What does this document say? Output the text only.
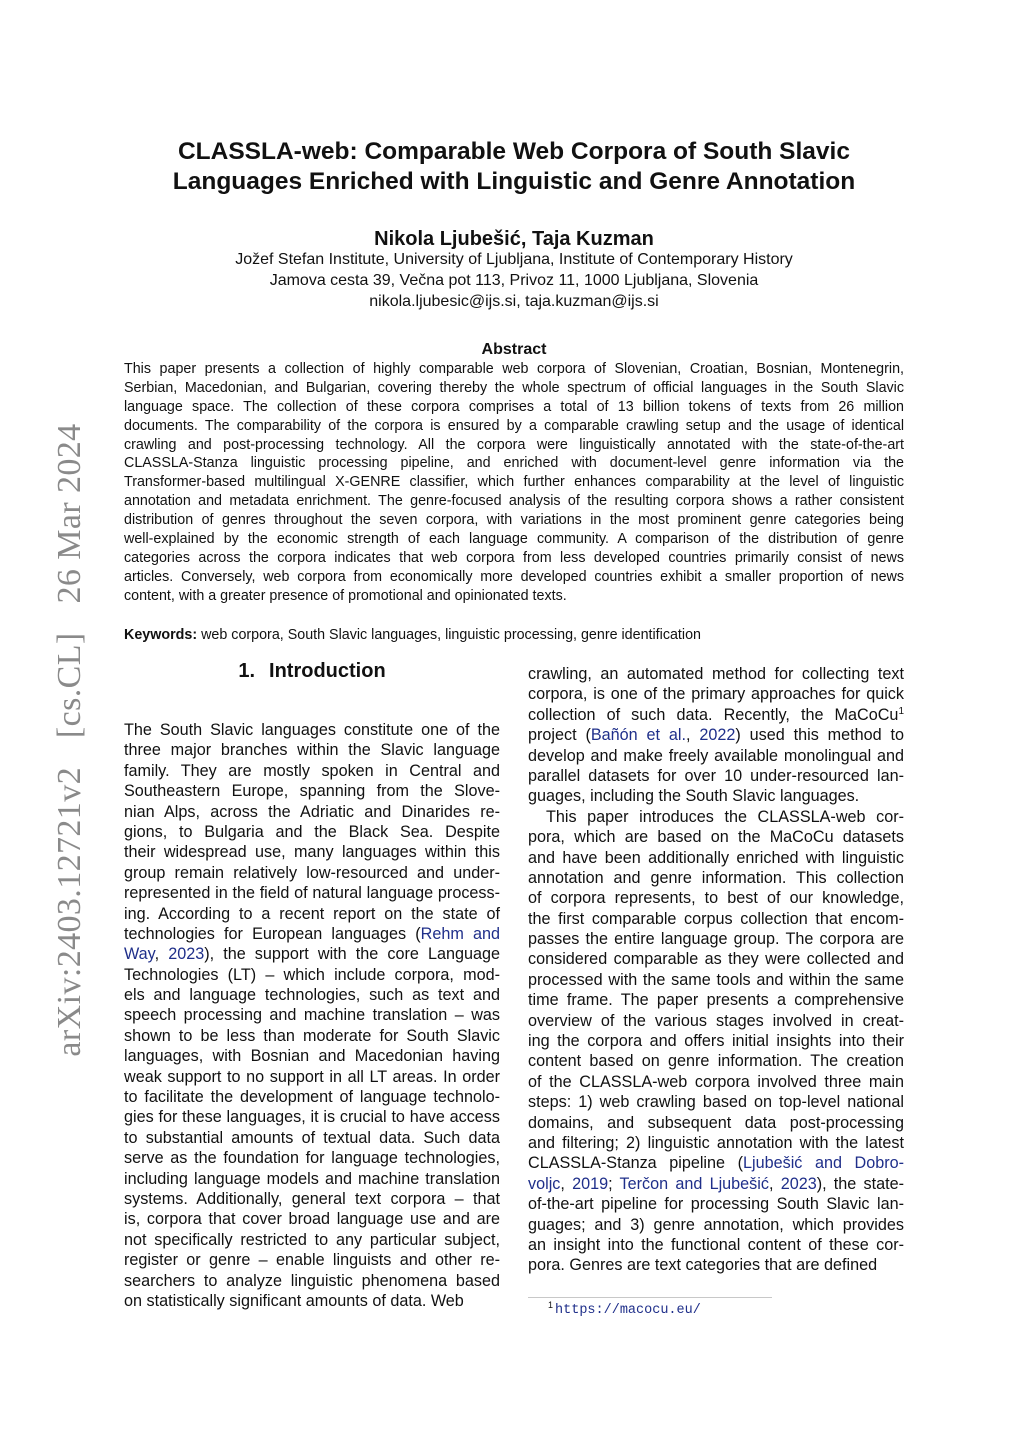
arXiv:2403.12721v2 [cs.CL] 26 Mar 2024
CLASSLA-web: Comparable Web Corpora of South Slavic
Languages Enriched with Linguistic and Genre Annotation

Nikola Ljubešić, Taja Kuzman

Jožef Stefan Institute, University of Ljubljana, Institute of Contemporary History

Jamova cesta 39, Večna pot 113, Privoz 11, 1000 Ljubljana, Slovenia

nikola.ljubesic@ijs.si, taja.kuzman@ijs.si

Abstract

This paper presents a collection of highly comparable web corpora of Slovenian, Croatian, Bosnian, Montenegrin,
Serbian, Macedonian, and Bulgarian, covering thereby the whole spectrum of official languages in the South Slavic
language space. The collection of these corpora comprises a total of 13 billion tokens of texts from 26 million
documents. The comparability of the corpora is ensured by a comparable crawling setup and the usage of identical
crawling and post-processing technology. All the corpora were linguistically annotated with the state-of-the-art
CLASSLA-Stanza linguistic processing pipeline, and enriched with document-level genre information via the
Transformer-based multilingual X-GENRE classifier, which further enhances comparability at the level of linguistic
annotation and metadata enrichment. The genre-focused analysis of the resulting corpora shows a rather consistent
distribution of genres throughout the seven corpora, with variations in the most prominent genre categories being
well-explained by the economic strength of each language community. A comparison of the distribution of genre
categories across the corpora indicates that web corpora from less developed countries primarily consist of news
articles. Conversely, web corpora from economically more developed countries exhibit a smaller proportion of news
content, with a greater presence of promotional and opinionated texts.

Keywords: web corpora, South Slavic languages, linguistic processing, genre identification

1. Introduction
The South Slavic languages constitute one of the
three major branches within the Slavic language
family. They are mostly spoken in Central and
Southeastern Europe, spanning from the Slove-
nian Alps, across the Adriatic and Dinarides re-
gions, to Bulgaria and the Black Sea. Despite
their widespread use, many languages within this
group remain relatively low-resourced and under-
represented in the field of natural language process-
ing. According to a recent report on the state of
technologies for European languages (Rehm and
Way, 2023), the support with the core Language
Technologies (LT) – which include corpora, mod-
els and language technologies, such as text and
speech processing and machine translation – was
shown to be less than moderate for South Slavic
languages, with Bosnian and Macedonian having
weak support to no support in all LT areas. In order
to facilitate the development of language technolo-
gies for these languages, it is crucial to have access
to substantial amounts of textual data. Such data
serve as the foundation for language technologies,
including language models and machine translation
systems. Additionally, general text corpora – that
is, corpora that cover broad language use and are
not specifically restricted to any particular subject,
register or genre – enable linguists and other re-
searchers to analyze linguistic phenomena based
on statistically significant amounts of data. Web
crawling, an automated method for collecting text
corpora, is one of the primary approaches for quick
collection of such data. Recently, the MaCoCu$^1$
project (Bañón et al., 2022) used this method to
develop and make freely available monolingual and
parallel datasets for over 10 under-resourced lan-
guages, including the South Slavic languages.
This paper introduces the CLASSLA-web cor-
pora, which are based on the MaCoCu datasets
and have been additionally enriched with linguistic
annotation and genre information. This collection
of corpora represents, to best of our knowledge,
the first comparable corpus collection that encom-
passes the entire language group. The corpora are
considered comparable as they were collected and
processed with the same tools and within the same
time frame. The paper presents a comprehensive
overview of the various stages involved in creat-
ing the corpora and offers initial insights into their
content based on genre information. The creation
of the CLASSLA-web corpora involved three main
steps: 1) web crawling based on top-level national
domains, and subsequent data post-processing
and filtering; 2) linguistic annotation with the latest
CLASSLA-Stanza pipeline (Ljubešić and Dobro-
voljc, 2019; Terčon and Ljubešić, 2023), the state-
of-the-art pipeline for processing South Slavic lan-
guages; and 3) genre annotation, which provides
an insight into the functional content of these cor-
pora. Genres are text categories that are defined

$^1$ https://macocu.eu/
